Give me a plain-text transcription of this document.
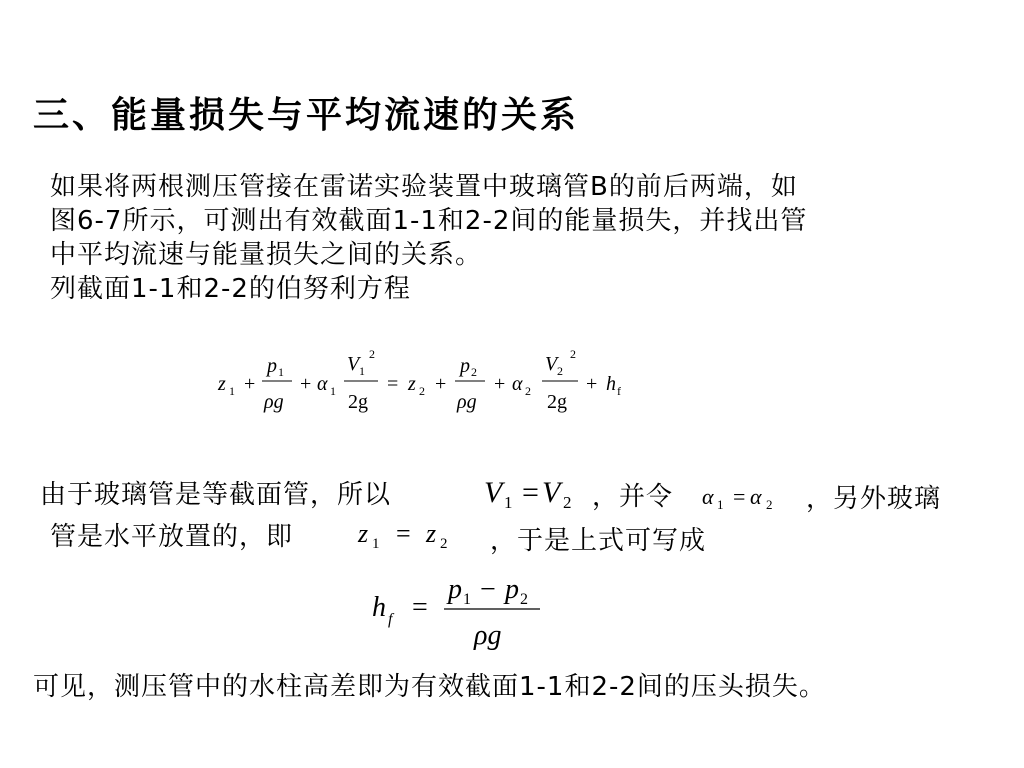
三、能量损失与平均流速的关系
如果将两根测压管接在雷诺实验装置中玻璃管B的前后两端，如
图6-7所示，可测出有效截面1-1和2-2间的能量损失，并找出管
中平均流速与能量损失之间的关系。
列截面1-1和2-2的伯努利方程
z 1 +
p 1
ρg
+ α 1
V 1
2
2g
= z 2 +
p 2
ρg
+ α 2
V 2
2
2g
+ h f
由于玻璃管是等截面管，所以	V 1 = V 2 ，并令 α 1 = α 2 ，另外玻璃
管是水平放置的，即 z 1 = z 2 ，于是上式可写成
h f =
p 1 − p 2
ρg
可见，测压管中的水柱高差即为有效截面1-1和2-2间的压头损失。
